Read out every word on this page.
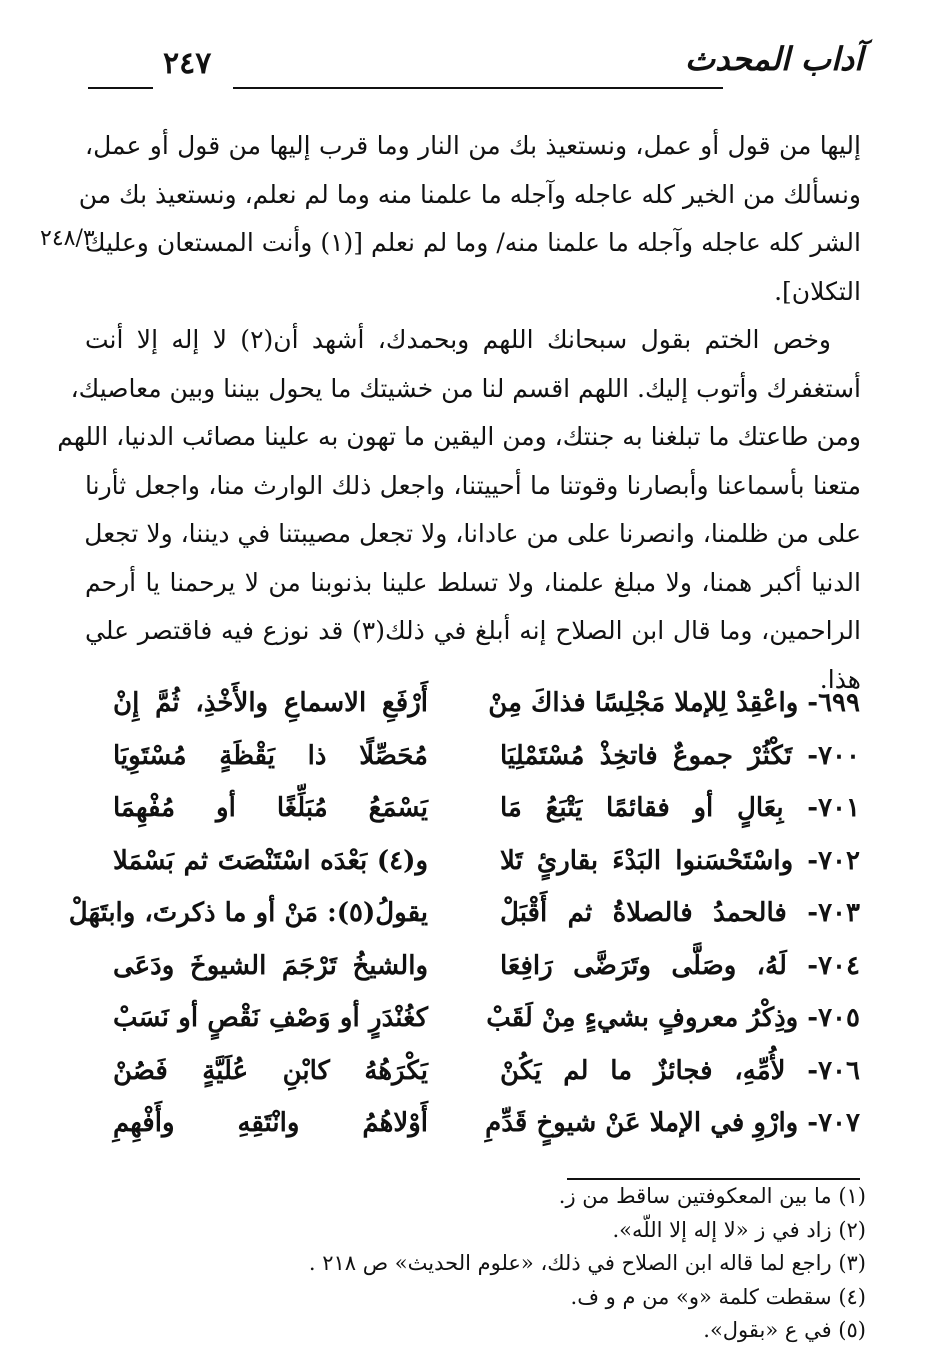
آداب المحدث
٢٤٧
٢٤٨/٣
إليها من قول أو عمل، ونستعيذ بك من النار وما قرب إليها من قول أو عمل،
ونسألك من الخير كله عاجله وآجله ما علمنا منه وما لم نعلم، ونستعيذ بك من
الشر كله عاجله وآجله ما علمنا منه/ وما لم نعلم [(١) وأنت المستعان وعليك
التكلان].
وخص الختم بقول سبحانك اللهم وبحمدك، أشهد أن(٢) لا إله إلا أنت
أستغفرك وأتوب إليك. اللهم اقسم لنا من خشيتك ما يحول بيننا وبين معاصيك،
ومن طاعتك ما تبلغنا به جنتك، ومن اليقين ما تهون به علينا مصائب الدنيا، اللهم
متعنا بأسماعنا وأبصارنا وقوتنا ما أحييتنا، واجعل ذلك الوارث منا، واجعل ثأرنا
على من ظلمنا، وانصرنا على من عادانا، ولا تجعل مصيبتنا في ديننا، ولا تجعل
الدنيا أكبر همنا، ولا مبلغ علمنا، ولا تسلط علينا بذنوبنا من لا يرحمنا يا أرحم
الراحمين، وما قال ابن الصلاح إنه أبلغ في ذلك(٣) قد نوزع فيه فاقتصر علي
هذا.
٦٩٩- واعْقِدْ لِلإملا مَجْلِسًا فذاكَ مِنْ
أَرْفَعِ الاسماعِ والأَخْذِ، ثُمَّ إِنْ
٧٠٠- تَكْثُرْ جموعٌ فاتخِذْ مُسْتَمْلِيَا
مُحَصِّلًا ذا يَقْظَةٍ مُسْتَوِيَا
٧٠١- بِعَالٍ أو فقائمًا يَتْبَعُ مَا
يَسْمَعُ مُبَلِّغًا أو مُفْهِمَا
٧٠٢- واسْتَحْسَنوا البَدْءَ بقارئٍ تَلا
و(٤) بَعْدَه اسْتَنْصَتَ ثم بَسْمَلا
٧٠٣- فالحمدُ فالصلاةُ ثم أَقْبَلْ
يقولُ(٥): مَنْ أو ما ذكرتَ، وابتَهَلْ
٧٠٤- لَهُ، وصَلَّى وتَرَضَّى رَافِعَا
والشيخُ تَرْجَمَ الشيوخَ ودَعَى
٧٠٥- وذِكْرُ معروفٍ بشيءٍ مِنْ لَقَبْ
كغُنْدَرٍ أو وَصْفِ نَقْصٍ أو نَسَبْ
٧٠٦- لأُمِّهِ، فجائزٌ ما لم يَكُنْ
يَكْرَهُهُ كابْنِ عُلَيَّةٍ فَصُنْ
٧٠٧- وارْوِ في الإملا عَنْ شيوخٍ قَدِّمِ
أَوْلاهُمُ وانْتَقِهِ وأَفْهِمِ
(١) ما بين المعكوفتين ساقط من ز.
(٢) زاد في ز «لا إله إلا اللّه».
(٣) راجع لما قاله ابن الصلاح في ذلك، «علوم الحديث» ص ٢١٨ .
(٤) سقطت كلمة «و» من م و ف.
(٥) في ع «بقول».
